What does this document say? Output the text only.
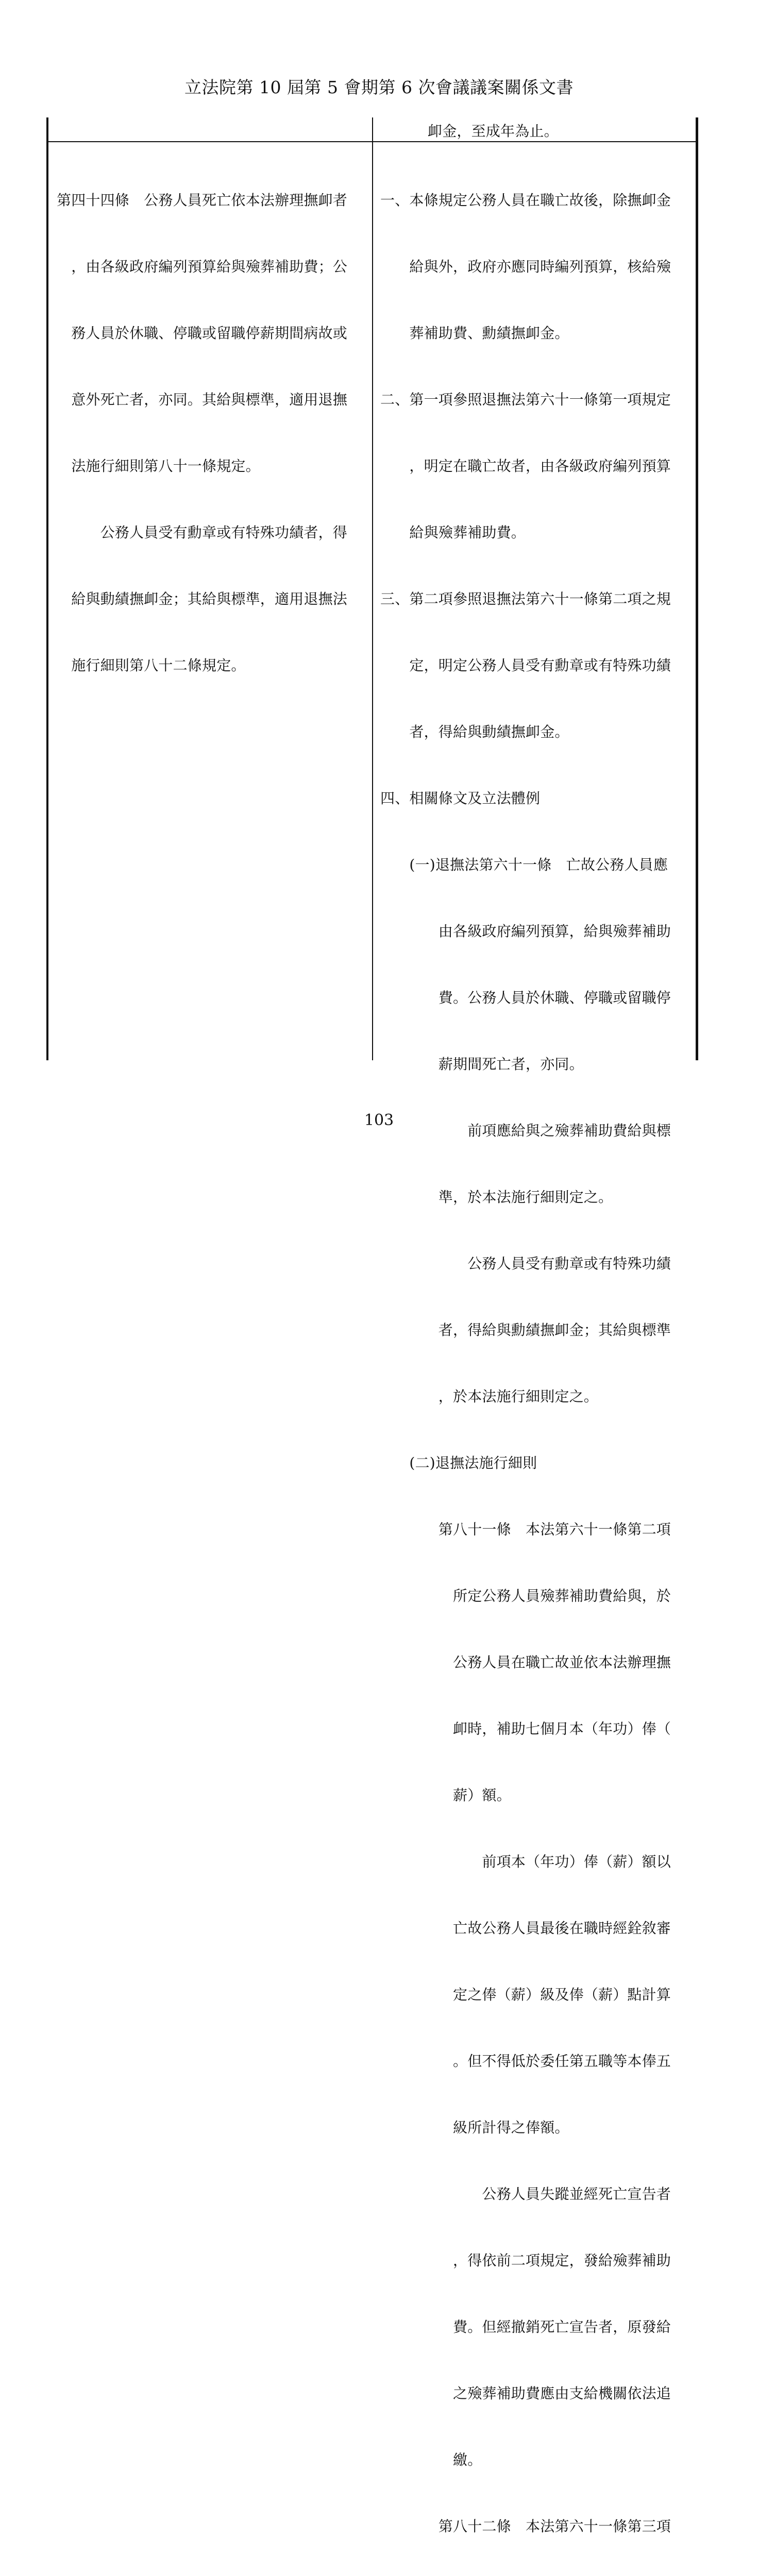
立法院第 10 屆第 5 會期第 6 次會議議案關係文書
卹金，至成年為止。

第四十四條　公務人員死亡依本法辦理撫卹者

　，由各級政府編列預算給與殮葬補助費；公

　務人員於休職、停職或留職停薪期間病故或

　意外死亡者，亦同。其給與標準，適用退撫

　法施行細則第八十一條規定。

　　　公務人員受有勳章或有特殊功績者，得

　給與動績撫卹金；其給與標準，適用退撫法

　施行細則第八十二條規定。

一、本條規定公務人員在職亡故後，除撫卹金

　　給與外，政府亦應同時編列預算，核給殮

　　葬補助費、勳績撫卹金。

二、第一項參照退撫法第六十一條第一項規定

　　，明定在職亡故者，由各級政府編列預算

　　給與殮葬補助費。

三、第二項參照退撫法第六十一條第二項之規

　　定，明定公務人員受有勳章或有特殊功績

　　者，得給與動績撫卹金。

四、相關條文及立法體例

　　(一)退撫法第六十一條　亡故公務人員應

　　　　由各級政府編列預算，給與殮葬補助

　　　　費。公務人員於休職、停職或留職停

　　　　薪期間死亡者，亦同。

　　　　　　前項應給與之殮葬補助費給與標

　　　　準，於本法施行細則定之。

　　　　　　公務人員受有勳章或有特殊功績

　　　　者，得給與勳績撫卹金；其給與標準

　　　　，於本法施行細則定之。

　　(二)退撫法施行細則

　　　　第八十一條　本法第六十一條第二項

　　　　　所定公務人員殮葬補助費給與，於

　　　　　公務人員在職亡故並依本法辦理撫

　　　　　卹時，補助七個月本（年功）俸（

　　　　　薪）額。

　　　　　　　前項本（年功）俸（薪）額以

　　　　　亡故公務人員最後在職時經銓敘審

　　　　　定之俸（薪）級及俸（薪）點計算

　　　　　。但不得低於委任第五職等本俸五

　　　　　級所計得之俸額。

　　　　　　　公務人員失蹤並經死亡宣告者

　　　　　，得依前二項規定，發給殮葬補助

　　　　　費。但經撤銷死亡宣告者，原發給

　　　　　之殮葬補助費應由支給機關依法追

　　　　　繳。

　　　　第八十二條　本法第六十一條第三項

103
